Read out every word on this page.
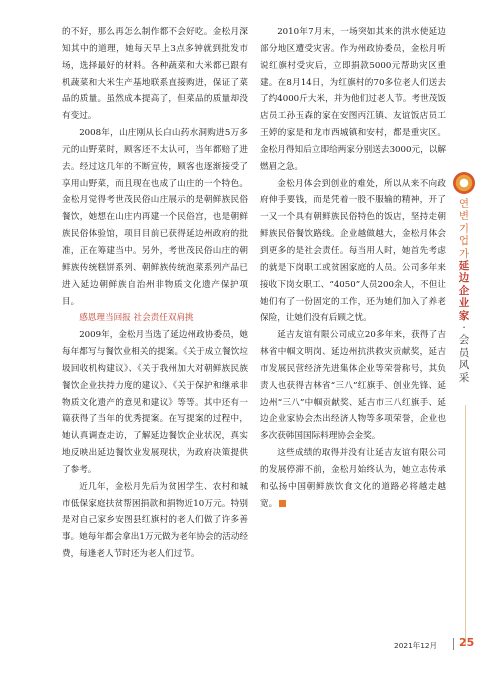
的不好，那么再怎么制作都不会好吃。金松月深知其中的道理，她每天早上3点多钟就到批发市场，选择最好的材料。各种蔬菜和大米都已跟有机蔬菜和大米生产基地联系直接购进，保证了菜品的质量。虽然成本提高了，但菜品的质量却没有变过。

2008年，山庄刚从长白山药水洞购进5万多元的山野菜时，顾客还不太认可，当年都赔了进去。经过这几年的不断宣传，顾客也逐渐接受了享用山野菜，而且现在也成了山庄的一个特色。金松月觉得考世茂民俗山庄展示的是朝鲜族民俗餐饮，她想在山庄内再建一个民俗宫，也是朝鲜族民俗体验馆，项目目前已获得延边州政府的批准，正在筹建当中。另外，考世茂民俗山庄的朝鲜族传统糕饼系列、朝鲜族传统泡菜系列产品已进入延边朝鲜族自治州非物质文化遗产保护项目。

感恩理当回报 社会责任双肩挑

2009年，金松月当选了延边州政协委员，她每年都写与餐饮业相关的提案。《关于成立餐饮垃圾回收机构建议》、《关于我州加大对朝鲜族民族餐饮企业扶持力度的建议》、《关于保护和继承非物质文化遗产的意见和建议》等等。其中还有一篇获得了当年的优秀提案。在写提案的过程中，她认真调查走访，了解延边餐饮企业状况，真实地反映出延边餐饮业发展现状，为政府决策提供了参考。

近几年，金松月先后为贫困学生、农村和城市低保家庭扶贫帮困捐款和捐物近10万元。特别是对自己家乡安图县红旗村的老人们做了许多善事。她每年都会拿出1万元做为老年协会的活动经费，每逢老人节时还为老人们过节。

2010年7月末，一场突如其来的洪水使延边部分地区遭受灾害。作为州政协委员，金松月听说红旗村受灾后，立即捐款5000元帮助灾区重建。在8月14日，为红旗村的70多位老人们送去了约4000斤大米，并为他们过老人节。考世茂饭店员工孙玉森的家在安图丙江镇、友谊饭店员工王婷的家是和龙市西城镇和安村，都是重灾区。金松月得知后立即给两家分别送去3000元，以解燃眉之急。

金松月体会到创业的难处，所以从来不向政府伸手要钱，而是凭着一股不服输的精神，开了一又一个具有朝鲜族民俗特色的饭店，坚持走朝鲜族民俗餐饮路线。企业越做越大，金松月体会到更多的是社会责任。每当用人时，她首先考虑的就是下岗职工或贫困家庭的人员。公司多年来接收下岗女职工、“4050”人员200余人，不但让她们有了一份固定的工作，还为她们加入了养老保险，让她们没有后顾之忧。

延吉友谊有限公司成立20多年来，获得了吉林省中帼文明岗、延边州抗洪救灾贡献奖，延吉市发展民营经济先进集体企业等荣誉称号，其负责人也获得吉林省“三八”红旗手、创业先锋、延边州“三八”中帼贡献奖、延吉市三八红旗手、延边企业家协会杰出经济人物等多项荣誉，企业也多次获韩国国际料理协会金奖。

这些成绩的取得并没有让延吉友谊有限公司的发展停滞不前，金松月始终认为，她立志传承和弘扬中国朝鲜族饮食文化的道路必将越走越宽。

연변기업가
延边企业家
·
会员风采
2021年12月 25
